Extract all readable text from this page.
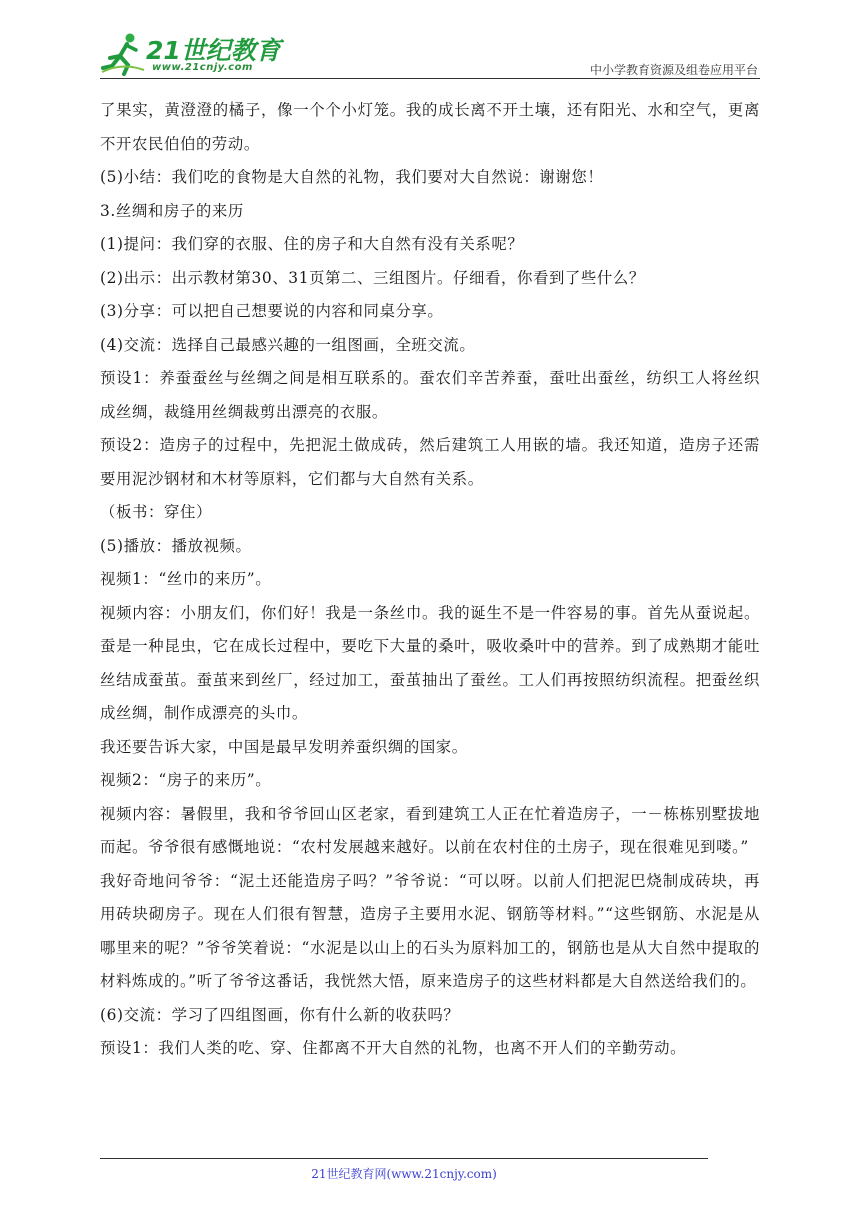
21世纪教育
www.21cnjy.com	中小学教育资源及组卷应用平台

了果实，黄澄澄的橘子，像一个个小灯笼。我的成长离不开土壤，还有阳光、水和空气，更离不开农民伯伯的劳动。

(5)小结：我们吃的食物是大自然的礼物，我们要对大自然说：谢谢您！

3.丝绸和房子的来历

(1)提问：我们穿的衣服、住的房子和大自然有没有关系呢？

(2)出示：出示教材第30、31页第二、三组图片。仔细看，你看到了些什么？

(3)分享：可以把自己想要说的内容和同桌分享。

(4)交流：选择自己最感兴趣的一组图画，全班交流。

预设1：养蚕蚕丝与丝绸之间是相互联系的。蚕农们辛苦养蚕，蚕吐出蚕丝，纺织工人将丝织成丝绸，裁缝用丝绸裁剪出漂亮的衣服。

预设2：造房子的过程中，先把泥土做成砖，然后建筑工人用嵌的墙。我还知道，造房子还需要用泥沙钢材和木材等原料，它们都与大自然有关系。

（板书：穿住）

(5)播放：播放视频。

视频1：“丝巾的来历”。

视频内容：小朋友们，你们好！我是一条丝巾。我的诞生不是一件容易的事。首先从蚕说起。蚕是一种昆虫，它在成长过程中，要吃下大量的桑叶，吸收桑叶中的营养。到了成熟期才能吐丝结成蚕茧。蚕茧来到丝厂，经过加工，蚕茧抽出了蚕丝。工人们再按照纺织流程。把蚕丝织成丝绸，制作成漂亮的头巾。

我还要告诉大家，中国是最早发明养蚕织绸的国家。

视频2：“房子的来历”。

视频内容：暑假里，我和爷爷回山区老家，看到建筑工人正在忙着造房子，一－栋栋别墅拔地而起。爷爷很有感慨地说：“农村发展越来越好。以前在农村住的土房子，现在很难见到喽。”

我好奇地问爷爷：“泥土还能造房子吗？”爷爷说：“可以呀。以前人们把泥巴烧制成砖块，再用砖块砌房子。现在人们很有智慧，造房子主要用水泥、钢筋等材料。”“这些钢筋、水泥是从哪里来的呢？”爷爷笑着说：“水泥是以山上的石头为原料加工的，钢筋也是从大自然中提取的材料炼成的。”听了爷爷这番话，我恍然大悟，原来造房子的这些材料都是大自然送给我们的。

(6)交流：学习了四组图画，你有什么新的收获吗？

预设1：我们人类的吃、穿、住都离不开大自然的礼物，也离不开人们的辛勤劳动。

21世纪教育网(www.21cnjy.com)
